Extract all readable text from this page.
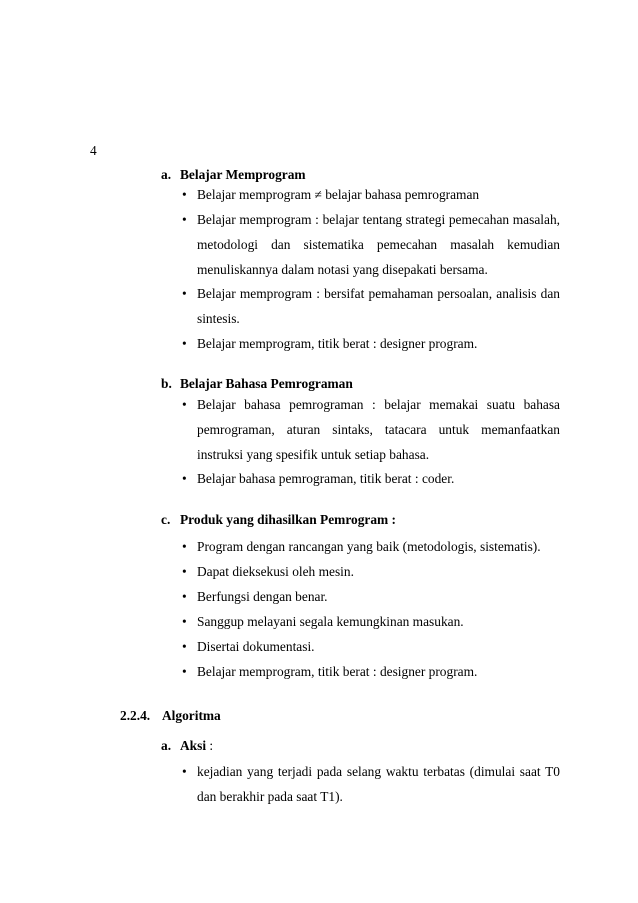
4
a. Belajar Memprogram
• Belajar memprogram ≠ belajar bahasa pemrograman
• Belajar memprogram : belajar tentang strategi pemecahan masalah, metodologi dan sistematika pemecahan masalah kemudian menuliskannya dalam notasi yang disepakati bersama.
• Belajar memprogram : bersifat pemahaman persoalan, analisis dan sintesis.
• Belajar memprogram, titik berat : designer program.
b. Belajar Bahasa Pemrograman
• Belajar bahasa pemrograman : belajar memakai suatu bahasa pemrograman, aturan sintaks, tatacara untuk memanfaatkan instruksi yang spesifik untuk setiap bahasa.
• Belajar bahasa pemrograman, titik berat : coder.
c. Produk yang dihasilkan Pemrogram :
• Program dengan rancangan yang baik (metodologis, sistematis).
• Dapat dieksekusi oleh mesin.
• Berfungsi dengan benar.
• Sanggup melayani segala kemungkinan masukan.
• Disertai dokumentasi.
• Belajar memprogram, titik berat : designer program.
2.2.4. Algoritma
a. Aksi :
• kejadian yang terjadi pada selang waktu terbatas (dimulai saat T0 dan berakhir pada saat T1).
